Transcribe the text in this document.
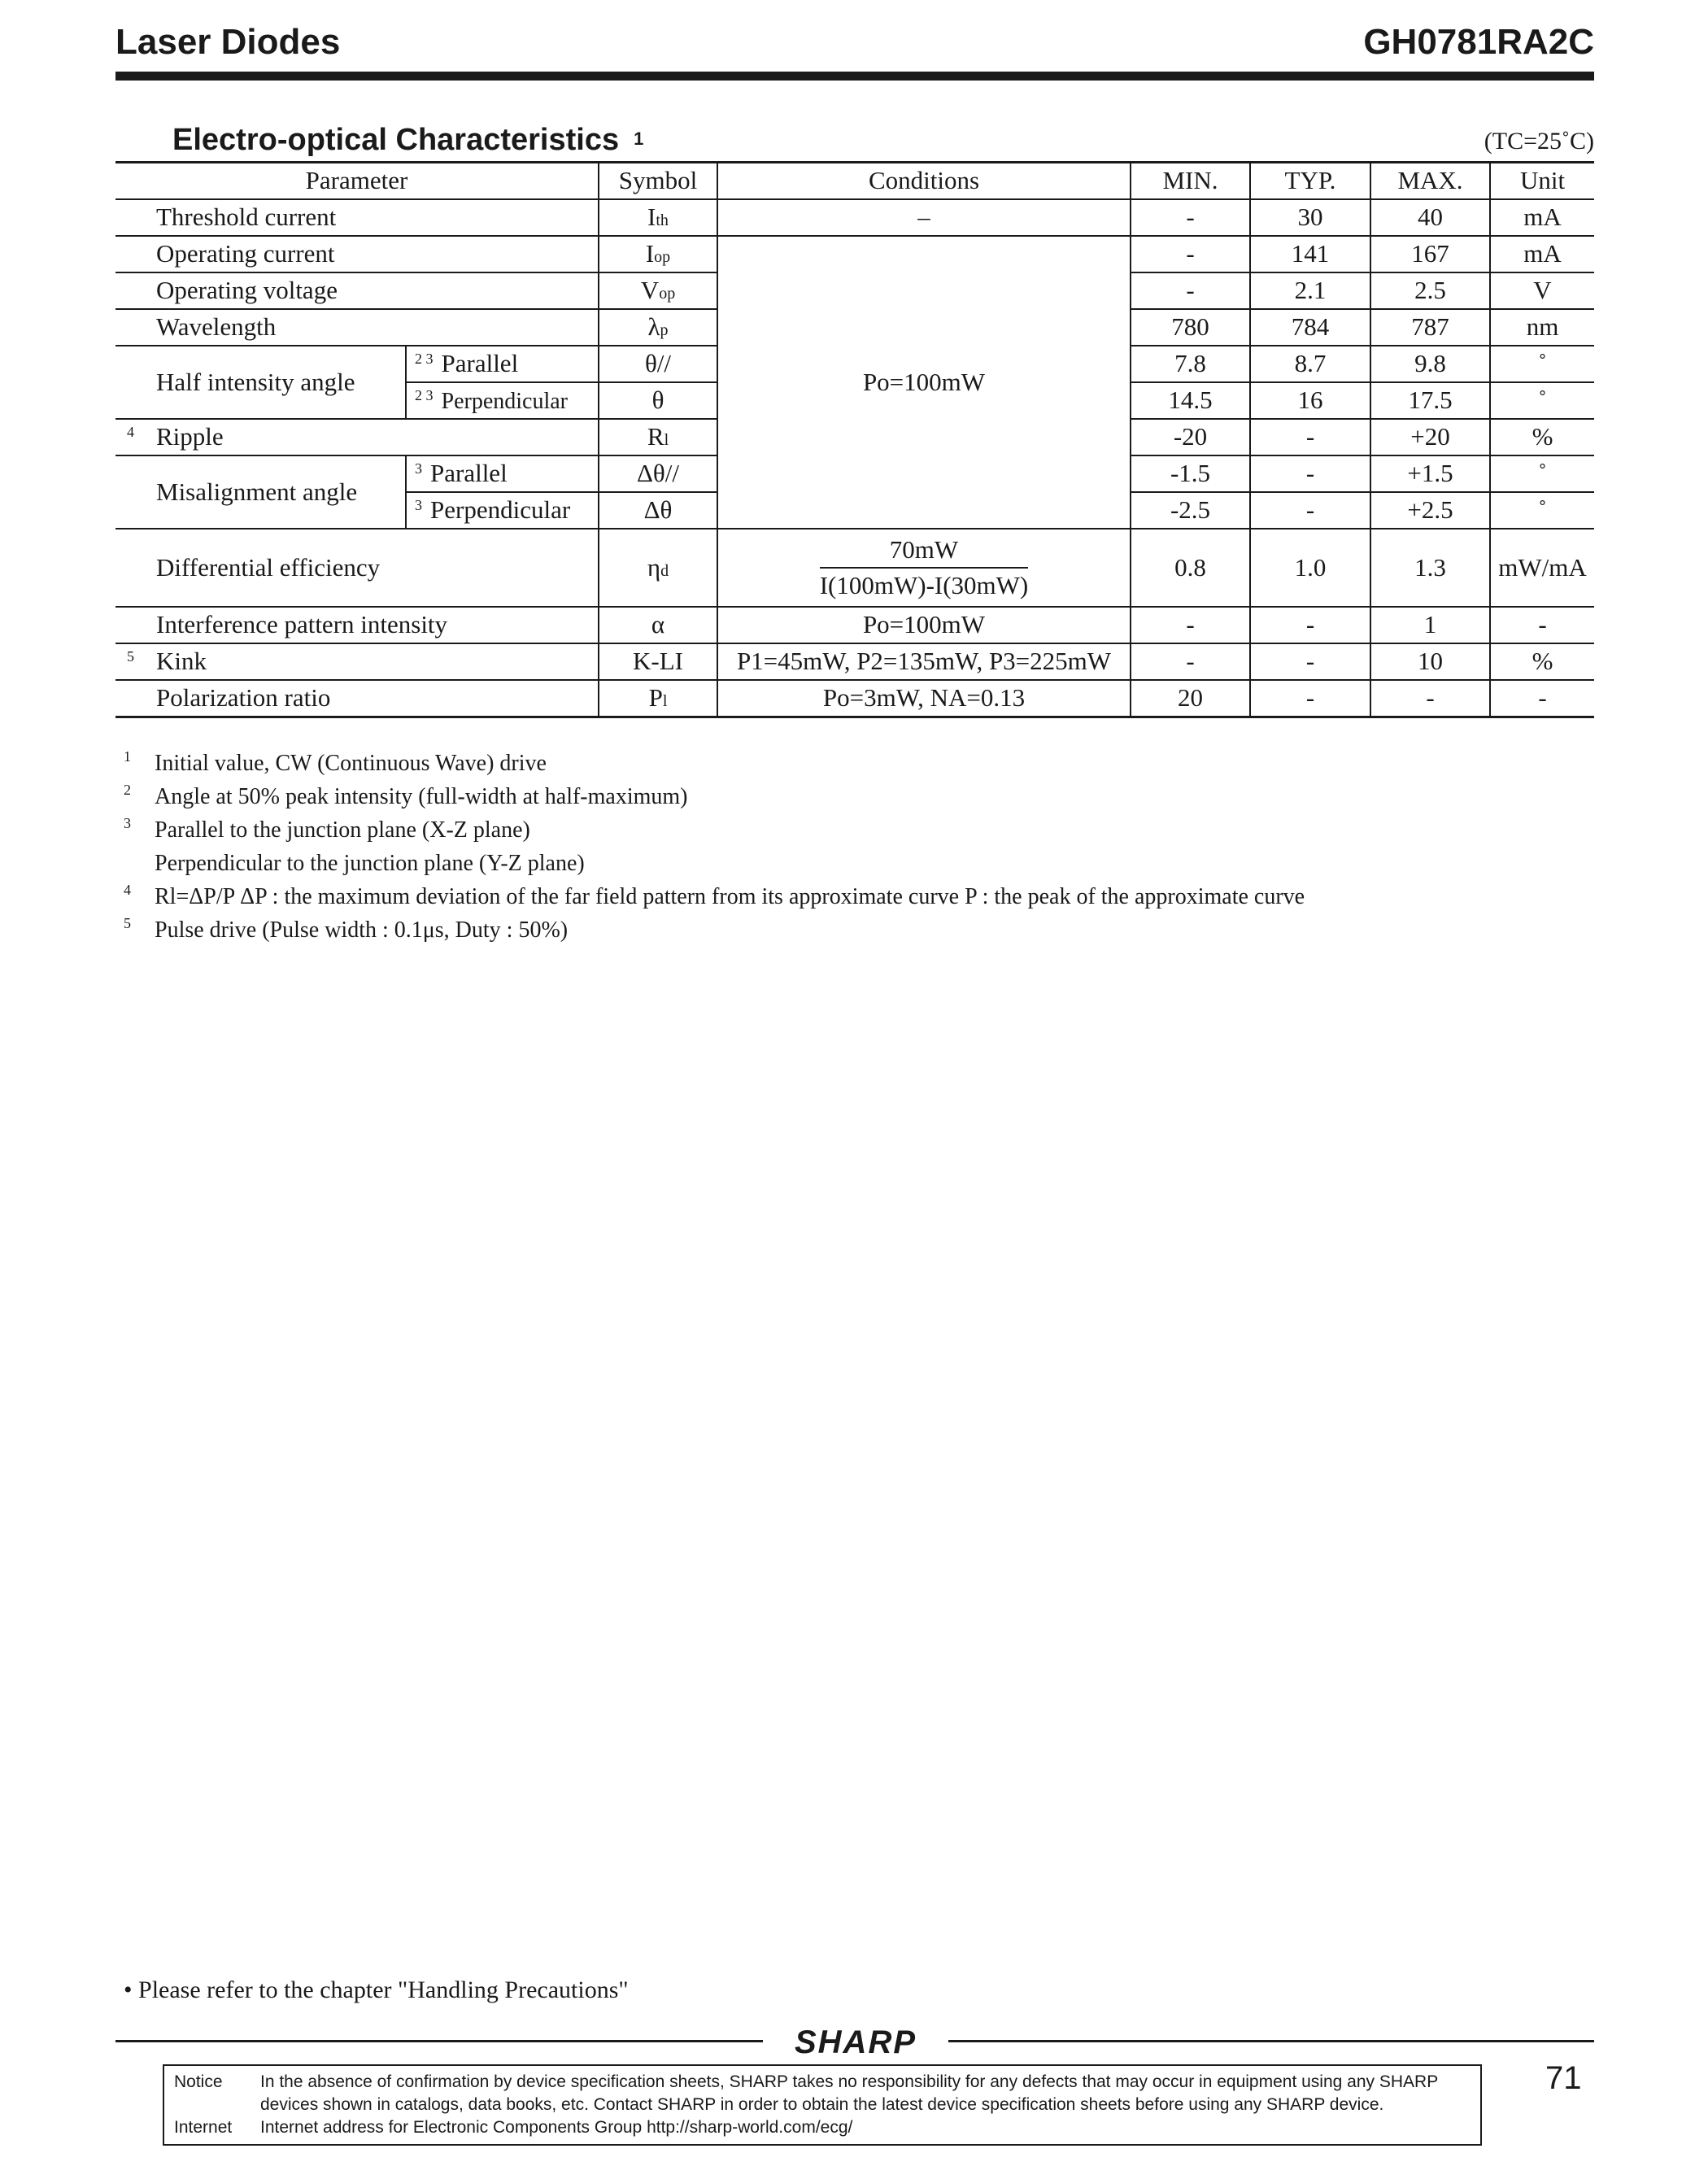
Laser Diodes	GH0781RA2C
Electro-optical Characteristics $^1$	(TC=25˚C)
Parameter		Symbol	Conditions	MIN.	TYP.	MAX.	Unit
Threshold current		Ith	–	-	30	40	mA
Operating current		Iop	Po=100mW	-	141	167	mA
Operating voltage		Vop		-	2.1	2.5	V
Wavelength		λp		780	784	787	nm
Half intensity angle	$^{2 3}$ Parallel	θ//		7.8	8.7	9.8	˚
	$^{2 3}$ Perpendicular	θ		14.5	16	17.5	˚
4 Ripple		Rl		-20	-	+20	%
Misalignment angle	$^3$ Parallel	Δθ//		-1.5	-	+1.5	˚
	$^3$ Perpendicular	Δθ		-2.5	-	+2.5	˚
Differential efficiency		ηd	$\frac{70mW}{I(100mW)-I(30mW)}$	0.8	1.0	1.3	mW/mA
Interference pattern intensity		α	Po=100mW	-	-	1	-
5 Kink		K-LI	P1=45mW, P2=135mW, P3=225mW	-	-	10	%
Polarization ratio		Pl	Po=3mW, NA=0.13	20	-	-	-
1 Initial value, CW (Continuous Wave) drive
2 Angle at 50% peak intensity (full-width at half-maximum)
3 Parallel to the junction plane (X-Z plane)
Perpendicular to the junction plane (Y-Z plane)
4 Rl=ΔP/P ΔP : the maximum deviation of the far field pattern from its approximate curve P : the peak of the approximate curve
5 Pulse drive (Pulse width : 0.1μs, Duty : 50%)
• Please refer to the chapter "Handling Precautions"
SHARP
71
Notice In the absence of confirmation by device specification sheets, SHARP takes no responsibility for any defects that may occur in equipment using any SHARP
devices shown in catalogs, data books, etc. Contact SHARP in order to obtain the latest device specification sheets before using any SHARP device.
Internet Internet address for Electronic Components Group http://sharp-world.com/ecg/
